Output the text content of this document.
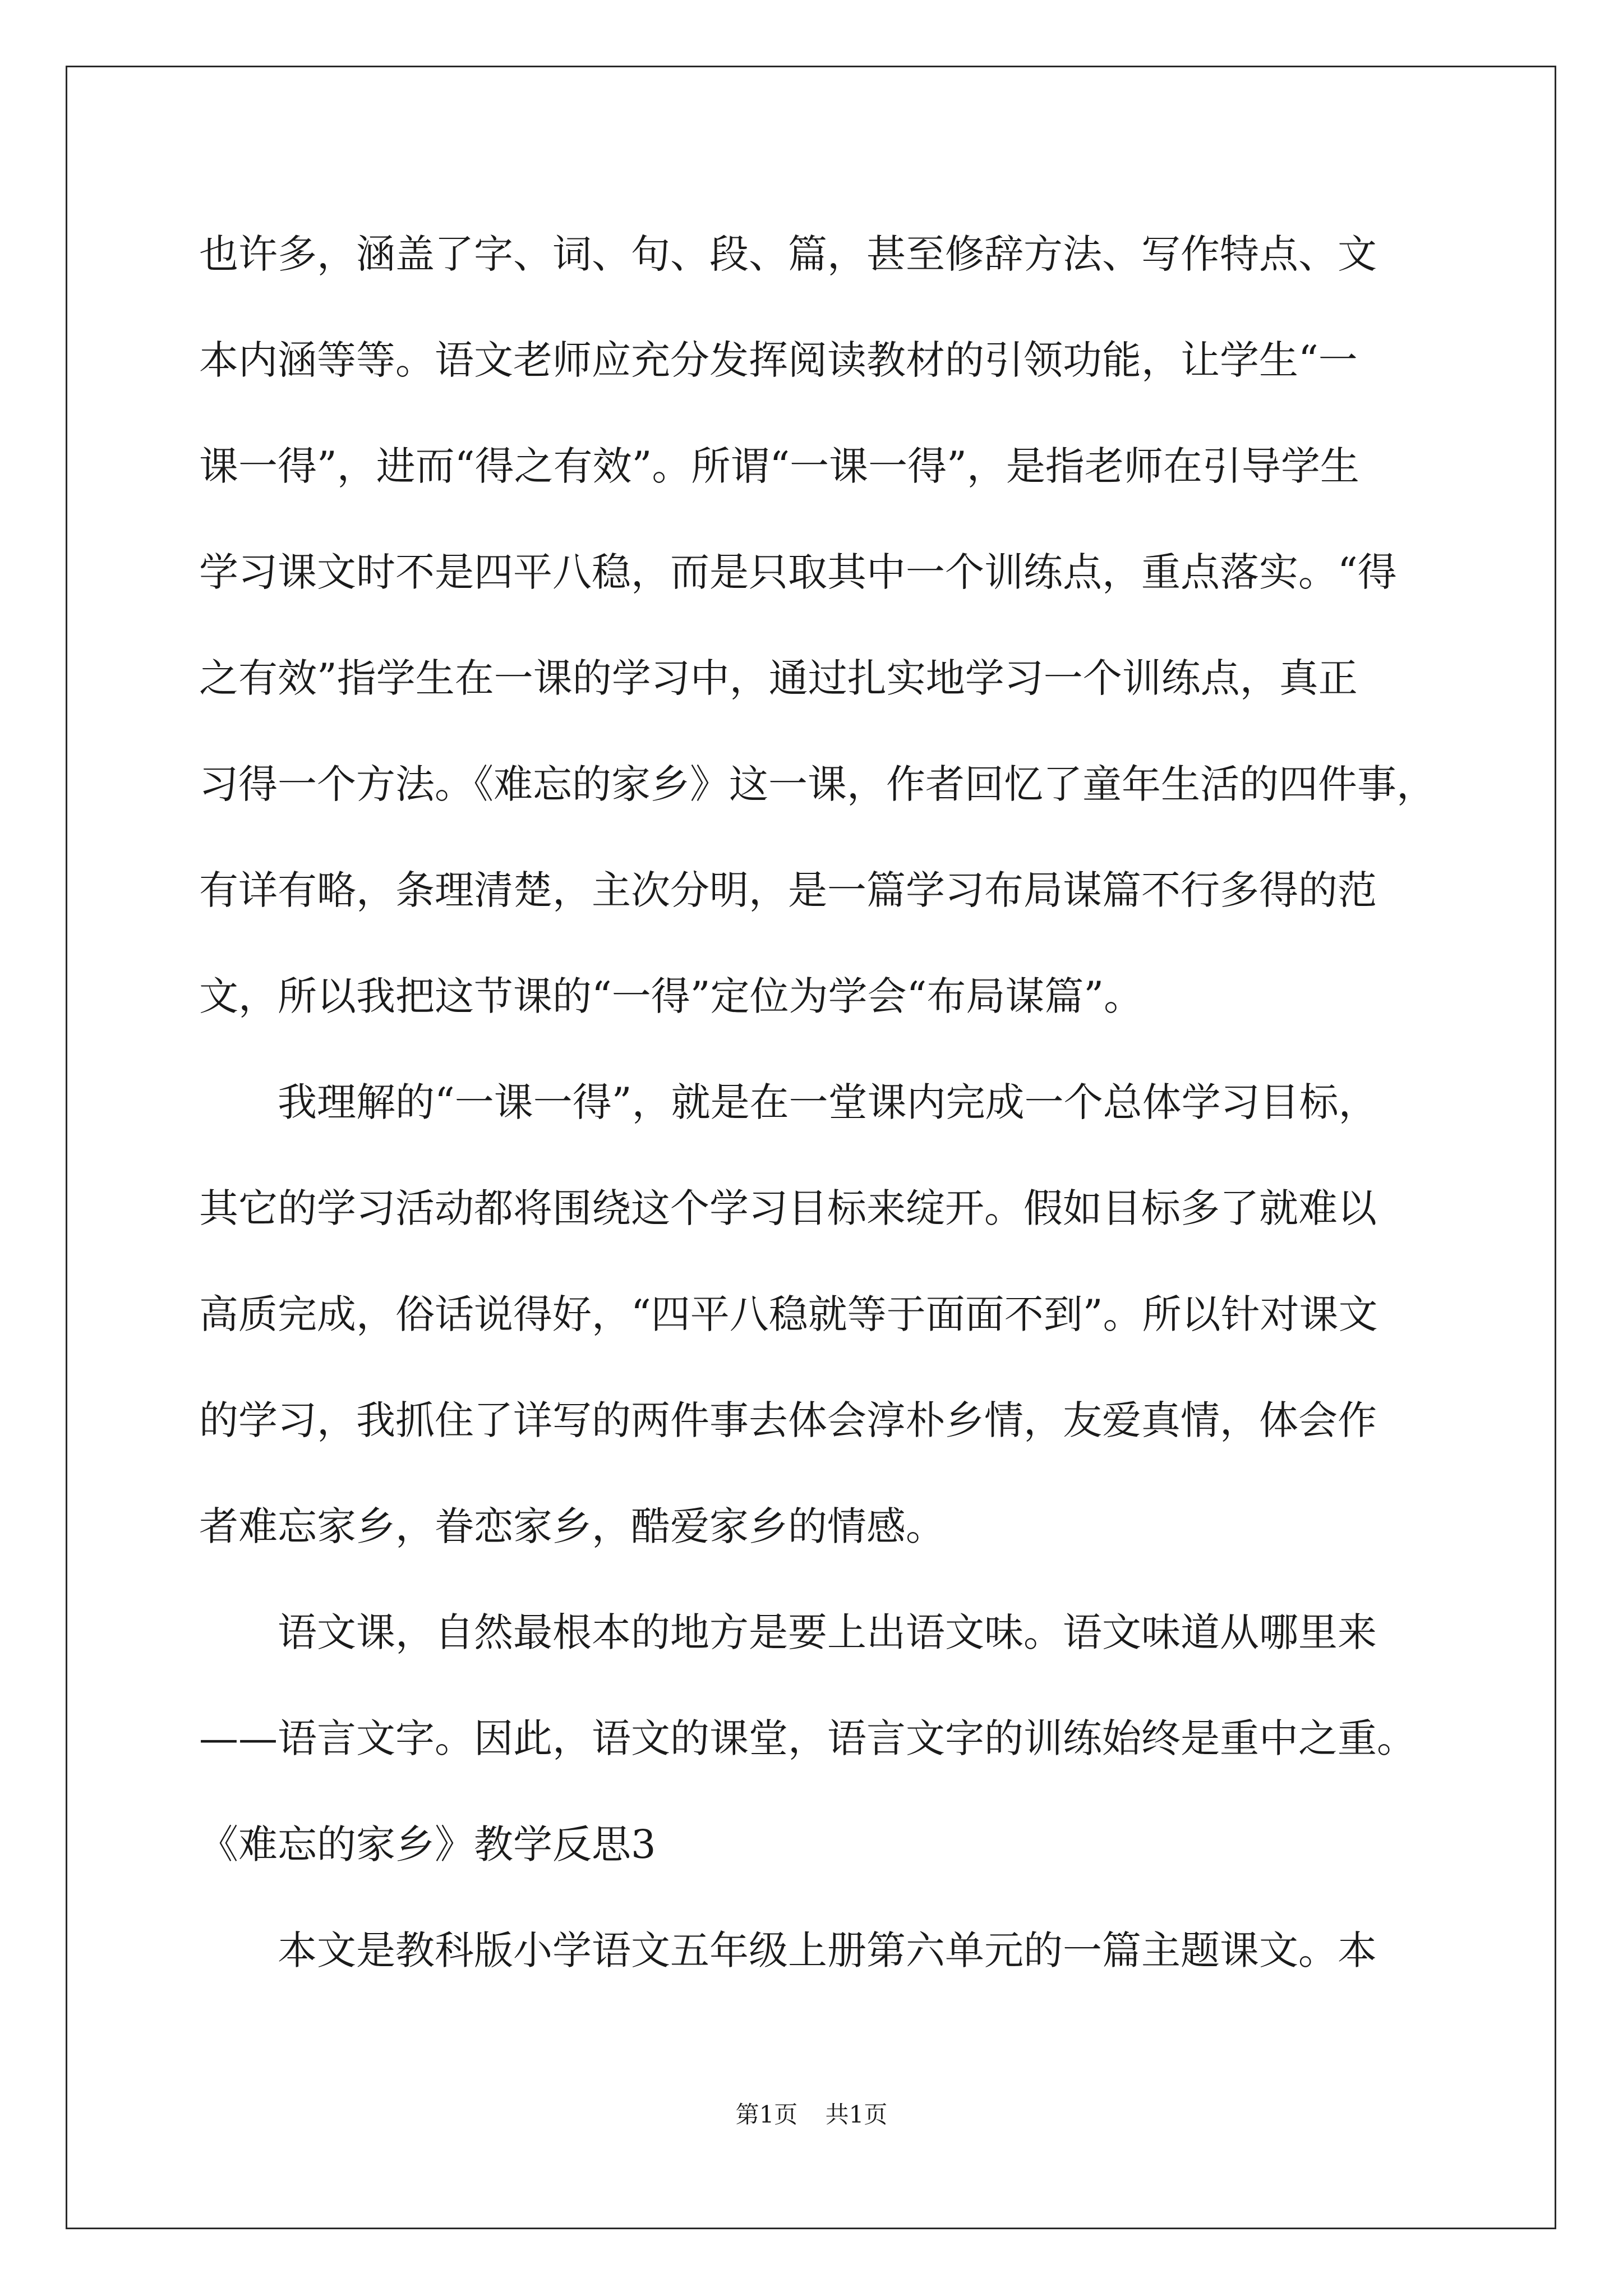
也许多，涵盖了字、词、句、段、篇，甚至修辞方法、写作特点、文
本内涵等等。语文老师应充分发挥阅读教材的引领功能，让学生“一
课一得”，进而“得之有效”。所谓“一课一得”，是指老师在引导学生
学习课文时不是四平八稳，而是只取其中一个训练点，重点落实。“得
之有效”指学生在一课的学习中，通过扎实地学习一个训练点，真正
习得一个方法。《难忘的家乡》这一课，作者回忆了童年生活的四件事，
有详有略，条理清楚，主次分明，是一篇学习布局谋篇不行多得的范
文，所以我把这节课的“一得”定位为学会“布局谋篇”。
我理解的“一课一得”，就是在一堂课内完成一个总体学习目标，
其它的学习活动都将围绕这个学习目标来绽开。假如目标多了就难以
高质完成，俗话说得好，“四平八稳就等于面面不到”。所以针对课文
的学习，我抓住了详写的两件事去体会淳朴乡情，友爱真情，体会作
者难忘家乡，眷恋家乡，酷爱家乡的情感。
语文课，自然最根本的地方是要上出语文味。语文味道从哪里来
——语言文字。因此，语文的课堂，语言文字的训练始终是重中之重。
《难忘的家乡》教学反思3
本文是教科版小学语文五年级上册第六单元的一篇主题课文。本
第1页 共1页
